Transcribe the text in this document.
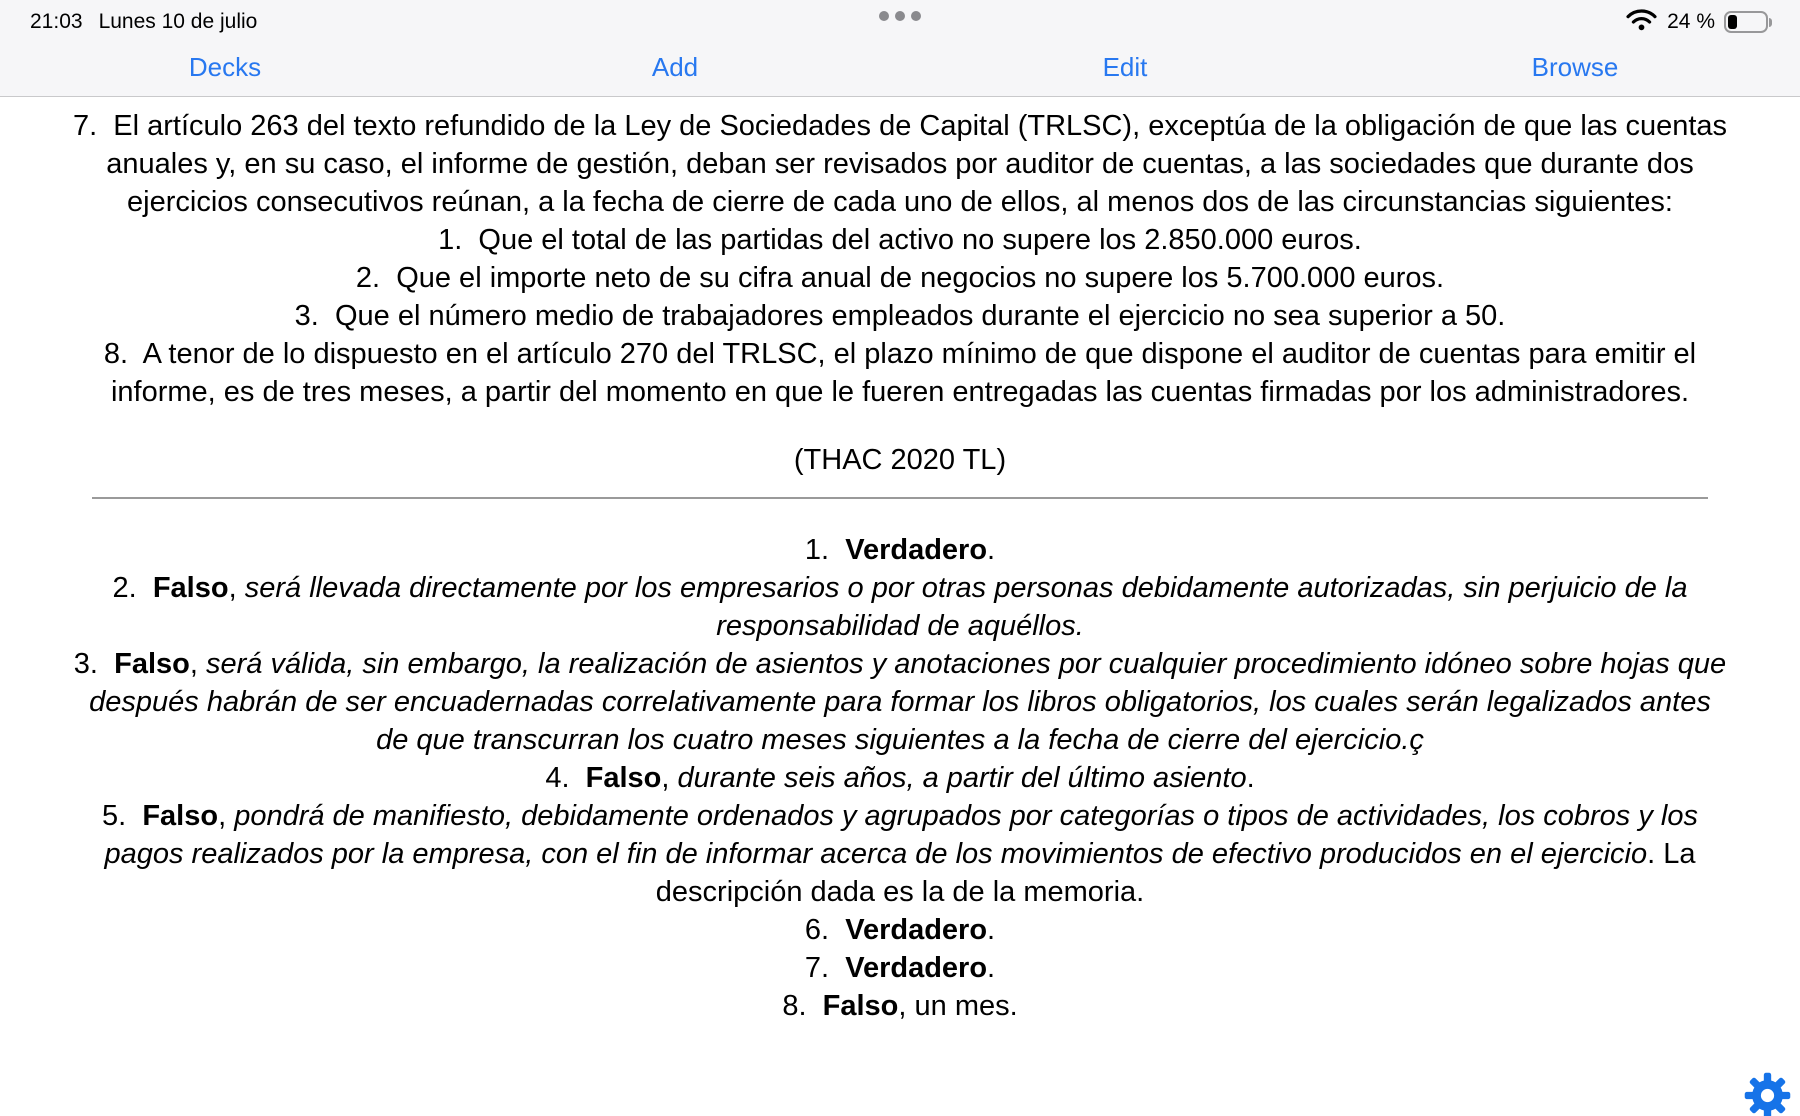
21:03 Lunes 10 de julio	24 %
Decks	Add	Edit	Browse

7.  El artículo 263 del texto refundido de la Ley de Sociedades de Capital (TRLSC), exceptúa de la obligación de que las cuentas anuales y, en su caso, el informe de gestión, deban ser revisados por auditor de cuentas, a las sociedades que durante dos ejercicios consecutivos reúnan, a la fecha de cierre de cada uno de ellos, al menos dos de las circunstancias siguientes:

1.  Que el total de las partidas del activo no supere los 2.850.000 euros.

2.  Que el importe neto de su cifra anual de negocios no supere los 5.700.000 euros.

3.  Que el número medio de trabajadores empleados durante el ejercicio no sea superior a 50.

8.  A tenor de lo dispuesto en el artículo 270 del TRLSC, el plazo mínimo de que dispone el auditor de cuentas para emitir el informe, es de tres meses, a partir del momento en que le fueren entregadas las cuentas firmadas por los administradores.

(THAC 2020 TL)

1.  Verdadero.

2.  Falso, será llevada directamente por los empresarios o por otras personas debidamente autorizadas, sin perjuicio de la responsabilidad de aquéllos.

3.  Falso, será válida, sin embargo, la realización de asientos y anotaciones por cualquier procedimiento idóneo sobre hojas que después habrán de ser encuadernadas correlativamente para formar los libros obligatorios, los cuales serán legalizados antes de que transcurran los cuatro meses siguientes a la fecha de cierre del ejercicio.ç

4.  Falso, durante seis años, a partir del último asiento.

5.  Falso, pondrá de manifiesto, debidamente ordenados y agrupados por categorías o tipos de actividades, los cobros y los pagos realizados por la empresa, con el fin de informar acerca de los movimientos de efectivo producidos en el ejercicio. La descripción dada es la de la memoria.

6.  Verdadero.

7.  Verdadero.

8.  Falso, un mes.
